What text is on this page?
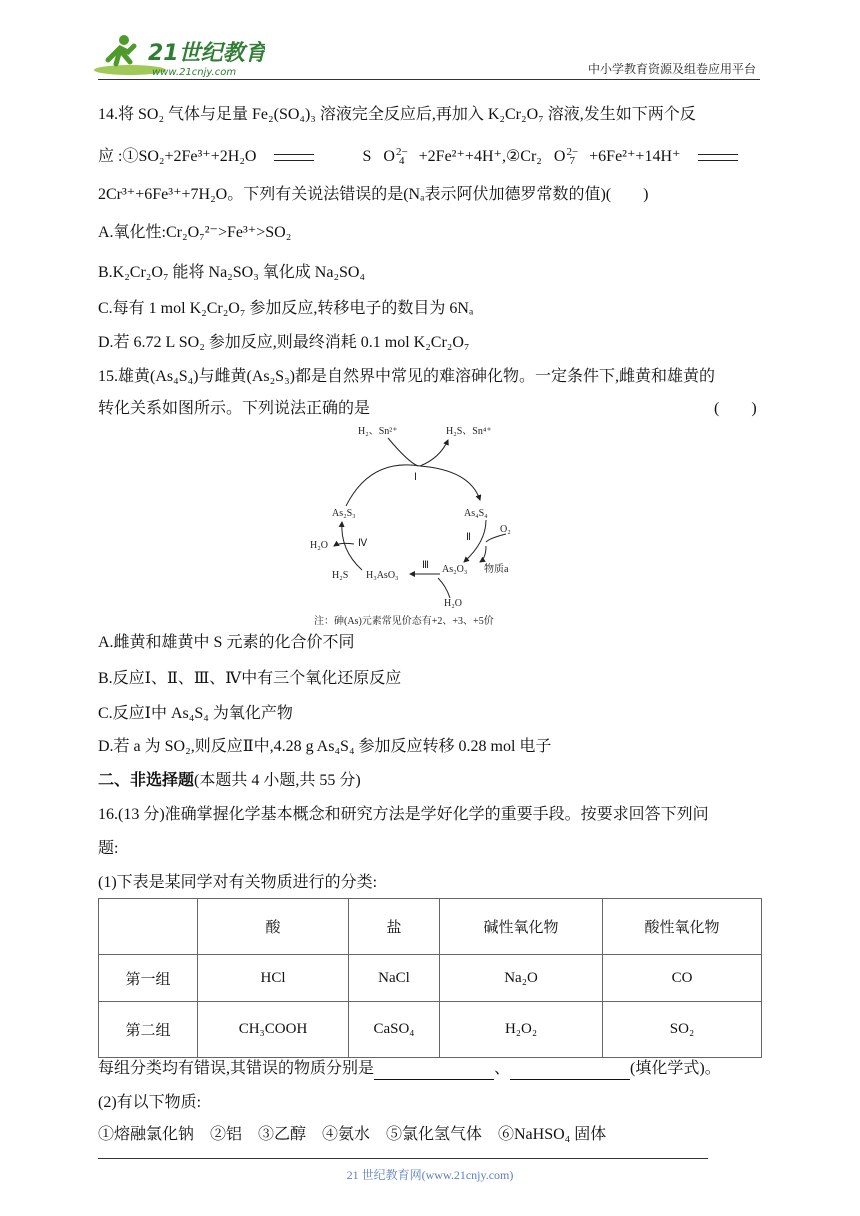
21世纪教育
www.21cnjy.com	中小学教育资源及组卷应用平台
14.将 SO₂ 气体与足量 Fe₂(SO₄)₃ 溶液完全反应后,再加入 K₂Cr₂O₇ 溶液,发生如下两个反
应 :①SO₂+2Fe³⁺+2H₂O	S O 2−
4 +2Fe²⁺+4H⁺,②Cr₂ O 2−
7 +6Fe²⁺+14H⁺
2Cr³⁺+6Fe³⁺+7H₂O。下列有关说法错误的是(Nₐ表示阿伏加德罗常数的值)(　　)
A.氧化性:Cr₂O₇²⁻>Fe³⁺>SO₂
B.K₂Cr₂O₇ 能将 Na₂SO₃ 氧化成 Na₂SO₄
C.每有 1 mol K₂Cr₂O₇ 参加反应,转移电子的数目为 6Nₐ
D.若 6.72 L SO₂ 参加反应,则最终消耗 0.1 mol K₂Cr₂O₇
15.雄黄(As₄S₄)与雌黄(As₂S₃)都是自然界中常见的难溶砷化物。一定条件下,雌黄和雄黄的
转化关系如图所示。下列说法正确的是	(　　)
H₂、Sn²⁺	H₂S、Sn⁴⁺
Ⅰ
As₂S₃	As₄S₄
O₂
Ⅱ
Ⅳ
H₂O
H₂S H₃AsO₃
Ⅲ As₂O₃ 物质a
H₂O
注：砷(As)元素常见价态有+2、+3、+5价
A.雌黄和雄黄中 S 元素的化合价不同
B.反应Ⅰ、Ⅱ、Ⅲ、Ⅳ中有三个氧化还原反应
C.反应Ⅰ中 As₄S₄ 为氧化产物
D.若 a 为 SO₂,则反应Ⅱ中,4.28 g As₄S₄ 参加反应转移 0.28 mol 电子
二、非选择题(本题共 4 小题,共 55 分)
16.(13 分)准确掌握化学基本概念和研究方法是学好化学的重要手段。按要求回答下列问
题:
(1)下表是某同学对有关物质进行的分类:
	酸	盐	碱性氧化物	酸性氧化物
第一组	HCl	NaCl	Na₂O	CO
第二组	CH₃COOH	CaSO₄	H₂O₂	SO₂
每组分类均有错误,其错误的物质分别是	、	(填化学式)。
(2)有以下物质:
①熔融氯化钠　②铝　③乙醇　④氨水　⑤氯化氢气体　⑥NaHSO₄ 固体
21 世纪教育网(www.21cnjy.com)
